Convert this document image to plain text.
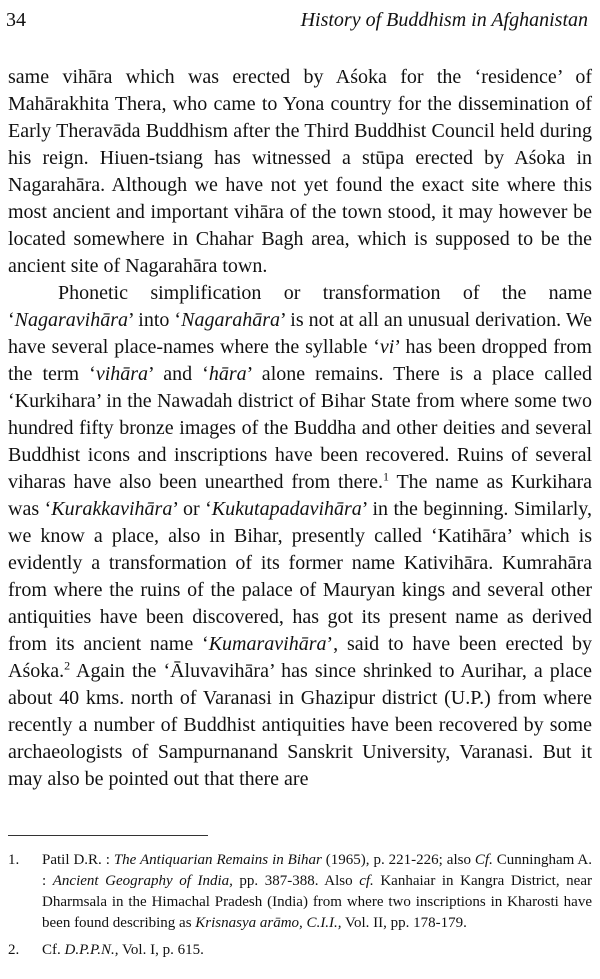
34	History of Buddhism in Afghanistan

same vihāra which was erected by Aśoka for the ‘residence’ of Mahārakhita Thera, who came to Yona country for the dissemination of Early Theravāda Buddhism after the Third Buddhist Council held during his reign. Hiuen-tsiang has witnessed a stūpa erected by Aśoka in Nagarahāra. Although we have not yet found the exact site where this most ancient and important vihāra of the town stood, it may however be located somewhere in Chahar Bagh area, which is supposed to be the ancient site of Nagarahāra town.

Phonetic simplification or transformation of the name ‘Nagaravihāra’ into ‘Nagarahāra’ is not at all an unusual derivation. We have several place-names where the syllable ‘vi’ has been dropped from the term ‘vihāra’ and ‘hāra’ alone remains. There is a place called ‘Kurkihara’ in the Nawadah district of Bihar State from where some two hundred fifty bronze images of the Buddha and other deities and several Buddhist icons and inscriptions have been recovered. Ruins of several viharas have also been unearthed from there.$^1$ The name as Kurkihara was ‘Kurakkavihāra’ or ‘Kukutapadavihāra’ in the beginning. Similarly, we know a place, also in Bihar, presently called ‘Katihāra’ which is evidently a transformation of its former name Kativihāra. Kumrahāra from where the ruins of the palace of Mauryan kings and several other antiquities have been discovered, has got its present name as derived from its ancient name ‘Kumaravihāra’, said to have been erected by Aśoka.$^2$ Again the ‘Āluvavihāra’ has since shrinked to Aurihar, a place about 40 kms. north of Varanasi in Ghazipur district (U.P.) from where recently a number of Buddhist antiquities have been recovered by some archaeologists of Sampurnanand Sanskrit University, Varanasi. But it may also be pointed out that there are

1.	Patil D.R. : The Antiquarian Remains in Bihar (1965), p. 221-226; also Cf. Cunningham A. : Ancient Geography of India, pp. 387-388. Also cf. Kanhaiar in Kangra District, near Dharmsala in the Himachal Pradesh (India) from where two inscriptions in Kharosti have been found describing as Krisnasya arāmo, C.I.I., Vol. II, pp. 178-179.
2.	Cf. D.P.P.N., Vol. I, p. 615.
